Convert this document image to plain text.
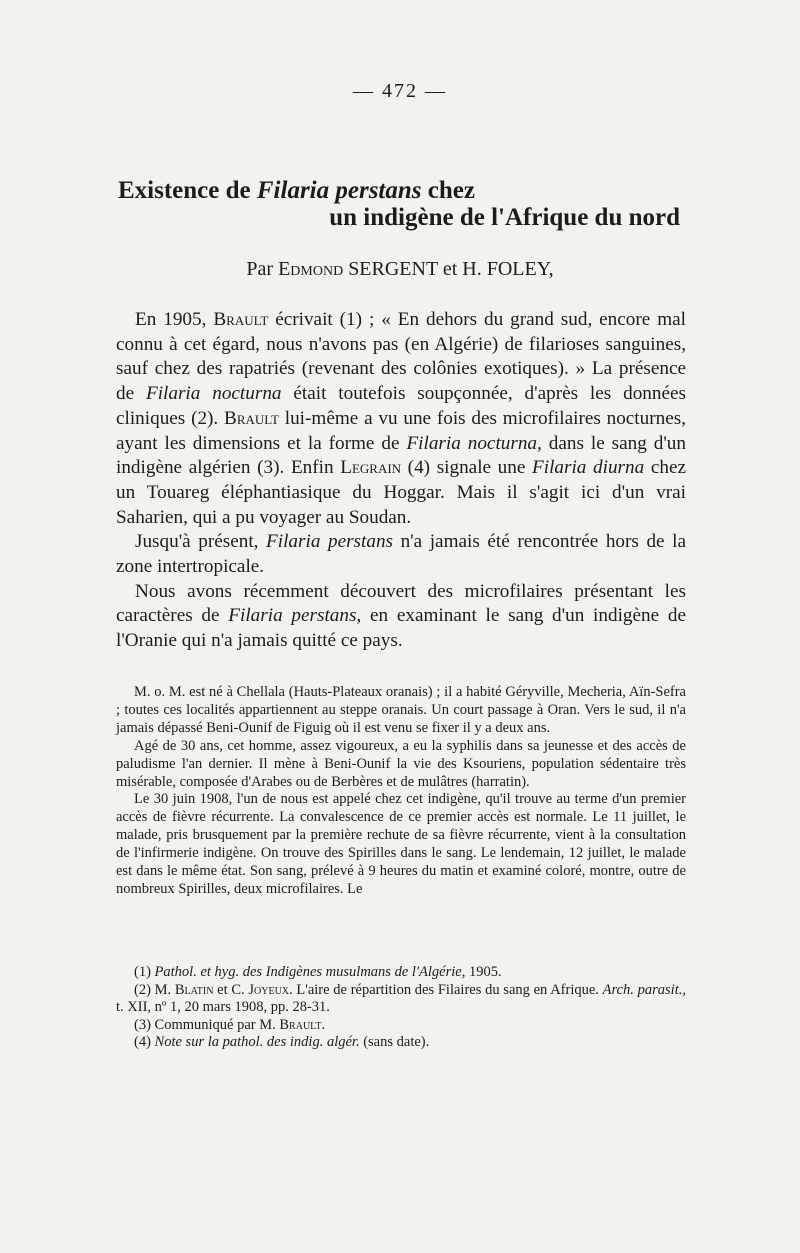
— 472 —
Existence de Filaria perstans chez
un indigène de l'Afrique du nord
Par Edmond SERGENT et H. FOLEY,

En 1905, Brault écrivait (1) ; « En dehors du grand sud, encore mal connu à cet égard, nous n'avons pas (en Algérie) de filarioses sanguines, sauf chez des rapatriés (revenant des colônies exotiques). » La présence de Filaria nocturna était toutefois soupçonnée, d'après les données cliniques (2). Brault lui-même a vu une fois des microfilaires nocturnes, ayant les dimensions et la forme de Filaria nocturna, dans le sang d'un indigène algérien (3). Enfin Legrain (4) signale une Filaria diurna chez un Touareg éléphantiasique du Hoggar. Mais il s'agit ici d'un vrai Saharien, qui a pu voyager au Soudan.

Jusqu'à présent, Filaria perstans n'a jamais été rencontrée hors de la zone intertropicale.

Nous avons récemment découvert des microfilaires présentant les caractères de Filaria perstans, en examinant le sang d'un indigène de l'Oranie qui n'a jamais quitté ce pays.

M. o. M. est né à Chellala (Hauts-Plateaux oranais) ; il a habité Géryville, Mecheria, Aïn-Sefra ; toutes ces localités appartiennent au steppe oranais. Un court passage à Oran. Vers le sud, il n'a jamais dépassé Beni-Ounif de Figuig où il est venu se fixer il y a deux ans.

Agé de 30 ans, cet homme, assez vigoureux, a eu la syphilis dans sa jeunesse et des accès de paludisme l'an dernier. Il mène à Beni-Ounif la vie des Ksouriens, population sédentaire très misérable, composée d'Arabes ou de Berbères et de mulâtres (harratin).

Le 30 juin 1908, l'un de nous est appelé chez cet indigène, qu'il trouve au terme d'un premier accès de fièvre récurrente. La convalescence de ce premier accès est normale. Le 11 juillet, le malade, pris brusquement par la première rechute de sa fièvre récurrente, vient à la consultation de l'infirmerie indigène. On trouve des Spirilles dans le sang. Le lendemain, 12 juillet, le malade est dans le même état. Son sang, prélevé à 9 heures du matin et examiné coloré, montre, outre de nombreux Spirilles, deux microfilaires. Le

(1) Pathol. et hyg. des Indigènes musulmans de l'Algérie, 1905.

(2) M. Blatin et C. Joyeux. L'aire de répartition des Filaires du sang en Afrique. Arch. parasit., t. XII, nº 1, 20 mars 1908, pp. 28-31.

(3) Communiqué par M. Brault.

(4) Note sur la pathol. des indig. algér. (sans date).
